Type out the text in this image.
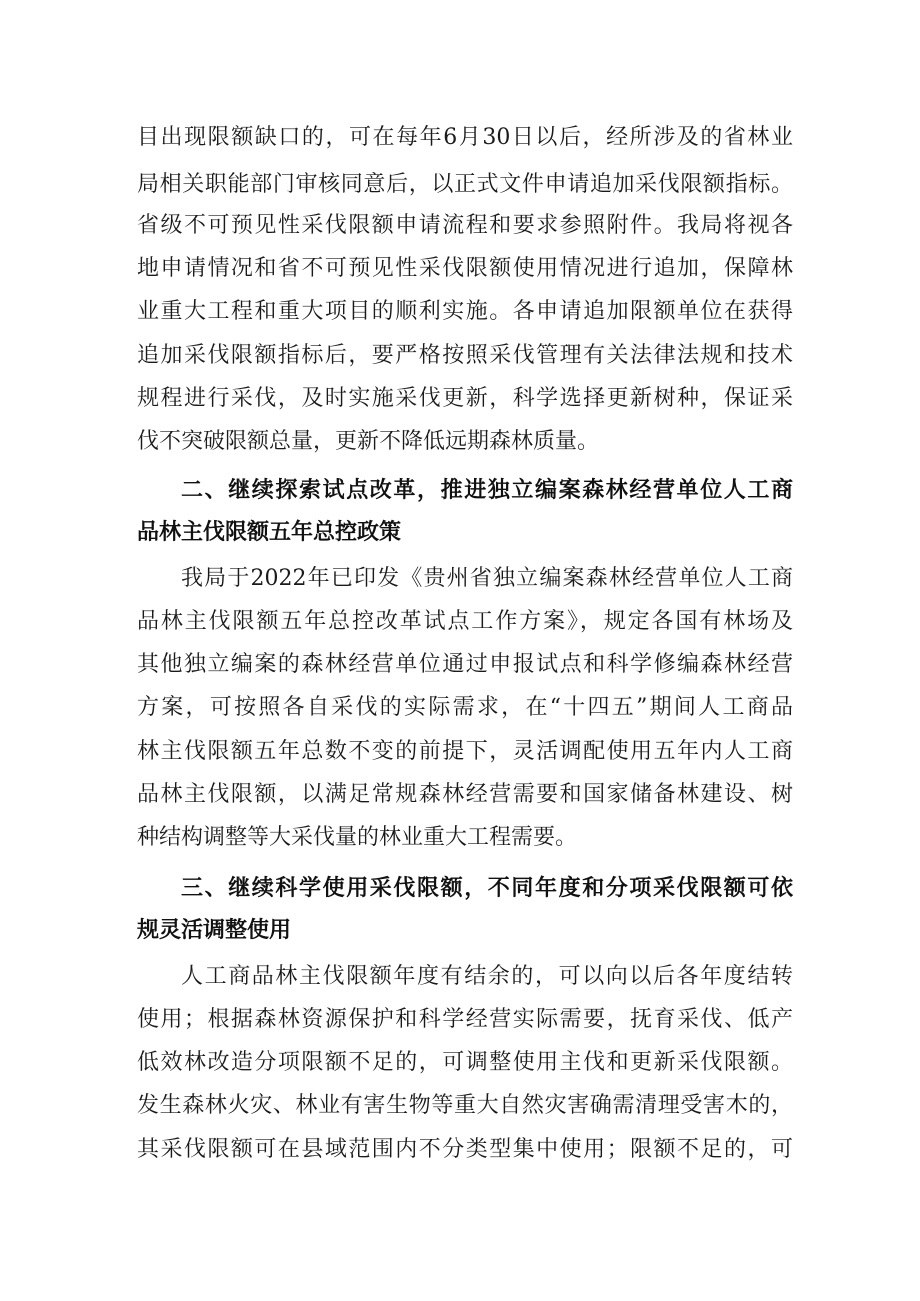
目出现限额缺口的，可在每年6月30日以后，经所涉及的省林业

局相关职能部门审核同意后，以正式文件申请追加采伐限额指标。

省级不可预见性采伐限额申请流程和要求参照附件。我局将视各

地申请情况和省不可预见性采伐限额使用情况进行追加，保障林

业重大工程和重大项目的顺利实施。各申请追加限额单位在获得

追加采伐限额指标后，要严格按照采伐管理有关法律法规和技术

规程进行采伐，及时实施采伐更新，科学选择更新树种，保证采

伐不突破限额总量，更新不降低远期森林质量。

二、继续探索试点改革，推进独立编案森林经营单位人工商

品林主伐限额五年总控政策

我局于2022年已印发《贵州省独立编案森林经营单位人工商

品林主伐限额五年总控改革试点工作方案》，规定各国有林场及

其他独立编案的森林经营单位通过申报试点和科学修编森林经营

方案，可按照各自采伐的实际需求，在“十四五”期间人工商品

林主伐限额五年总数不变的前提下，灵活调配使用五年内人工商

品林主伐限额，以满足常规森林经营需要和国家储备林建设、树

种结构调整等大采伐量的林业重大工程需要。

三、继续科学使用采伐限额，不同年度和分项采伐限额可依

规灵活调整使用

人工商品林主伐限额年度有结余的，可以向以后各年度结转

使用；根据森林资源保护和科学经营实际需要，抚育采伐、低产

低效林改造分项限额不足的，可调整使用主伐和更新采伐限额。

发生森林火灾、林业有害生物等重大自然灾害确需清理受害木的，

其采伐限额可在县域范围内不分类型集中使用；限额不足的，可
